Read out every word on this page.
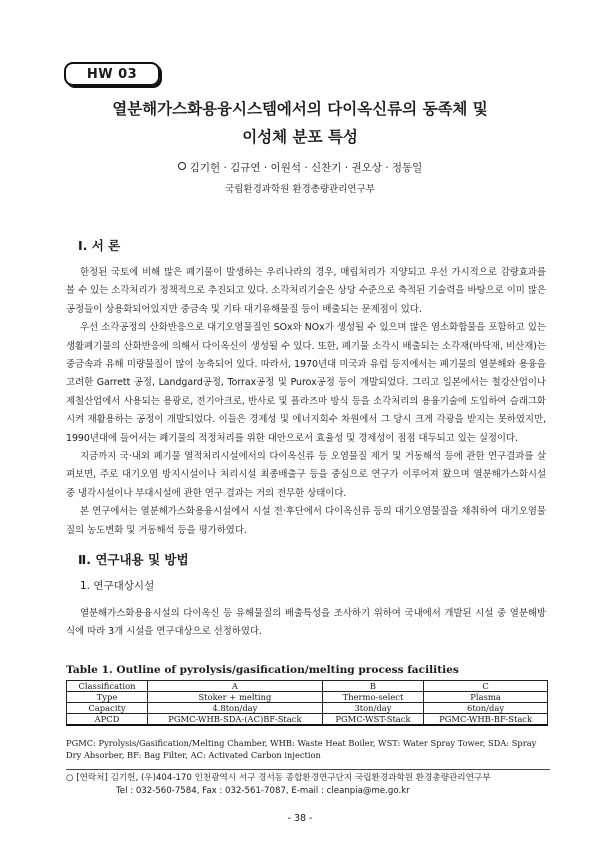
HW 03
열분해가스화용융시스템에서의 다이옥신류의 동족체 및
이성체 분포 특성
김기헌 · 김규연 · 이원석 · 신찬기 · 권오상 · 정동일
국립환경과학원 환경총량관리연구부
Ⅰ. 서 론

한정된 국토에 비해 많은 폐기물이 발생하는 우리나라의 경우, 매립처리가 지양되고 우선 가시적으로 감량효과를 볼 수 있는 소각처리가 정책적으로 추진되고 있다. 소각처리기술은 상당 수준으로 축적된 기술력을 바탕으로 이미 많은 공정들이 상용화되어있지만 중금속 및 기타 대기유해물질 등이 배출되는 문제점이 있다.

우선 소각공정의 산화반응으로 대기오염물질인 SOx와 NOx가 생성될 수 있으며 많은 염소화합물을 포함하고 있는 생활폐기물의 산화반응에 의해서 다이옥신이 생성될 수 있다. 또한, 폐기물 소각시 배출되는 소각재(바닥재, 비산재)는 중금속과 유해 미량물질이 많이 농축되어 있다. 따라서, 1970년대 미국과 유럽 등지에서는 폐기물의 열분해와 용융을 고려한 Garrett 공정, Landgard공정, Torrax공정 및 Purox공정 등이 개발되었다. 그리고 일본에서는 철강산업이나 제철산업에서 사용되는 용광로, 전기아크로, 반사로 및 플라즈마 방식 등을 소각처리의 용융기술에 도입하여 슬래그화시켜 재활용하는 공정이 개발되었다. 이들은 경제성 및 에너지회수 차원에서 그 당시 크게 각광을 받지는 못하였지만, 1990년대에 들어서는 폐기물의 적정처리를 위한 대안으로서 효율성 및 경제성이 점점 대두되고 있는 실정이다.

지금까지 국·내외 폐기물 열적처리시설에서의 다이옥신류 등 오염물질 제거 및 거동해석 등에 관한 연구결과를 살펴보면, 주로 대기오염 방지시설이나 처리시설 최종배출구 등을 중심으로 연구가 이루어져 왔으며 열분해가스화시설 중 냉각시설이나 부대시설에 관한 연구 결과는 거의 전무한 상태이다.

본 연구에서는 열분해가스화용융시설에서 시설 전·후단에서 다이옥신류 등의 대기오염물질을 채취하여 대기오염물질의 농도변화 및 거동해석 등을 평가하였다.

Ⅱ. 연구내용 및 방법
1. 연구대상시설

열분해가스화용융시설의 다이옥신 등 유해물질의 배출특성을 조사하기 위하여 국내에서 개발된 시설 중 열분해방식에 따라 3개 시설을 연구대상으로 선정하였다.

Table 1. Outline of pyrolysis/gasification/melting process facilities
Classification	A	B	C
Type	Stoker + melting	Thermo-select	Plasma
Capacity	4.8ton/day	3ton/day	6ton/day
APCD	PGMC-WHB-SDA-(AC)BF-Stack	PGMC-WST-Stack	PGMC-WHB-BF-Stack
PGMC: Pyrolysis/Gasification/Melting Chamber, WHB: Waste Heat Boiler, WST: Water Spray Tower, SDA: Spray Dry Absorber, BF: Bag Filter, AC: Activated Carbon injection
○ [연락처] 김기헌, (우)404-170 인천광역시 서구 경서동 종합환경연구단지 국립환경과학원 환경총량관리연구부
Tel : 032-560-7584, Fax : 032-561-7087, E-mail : cleanpia@me.go.kr
- 38 -
